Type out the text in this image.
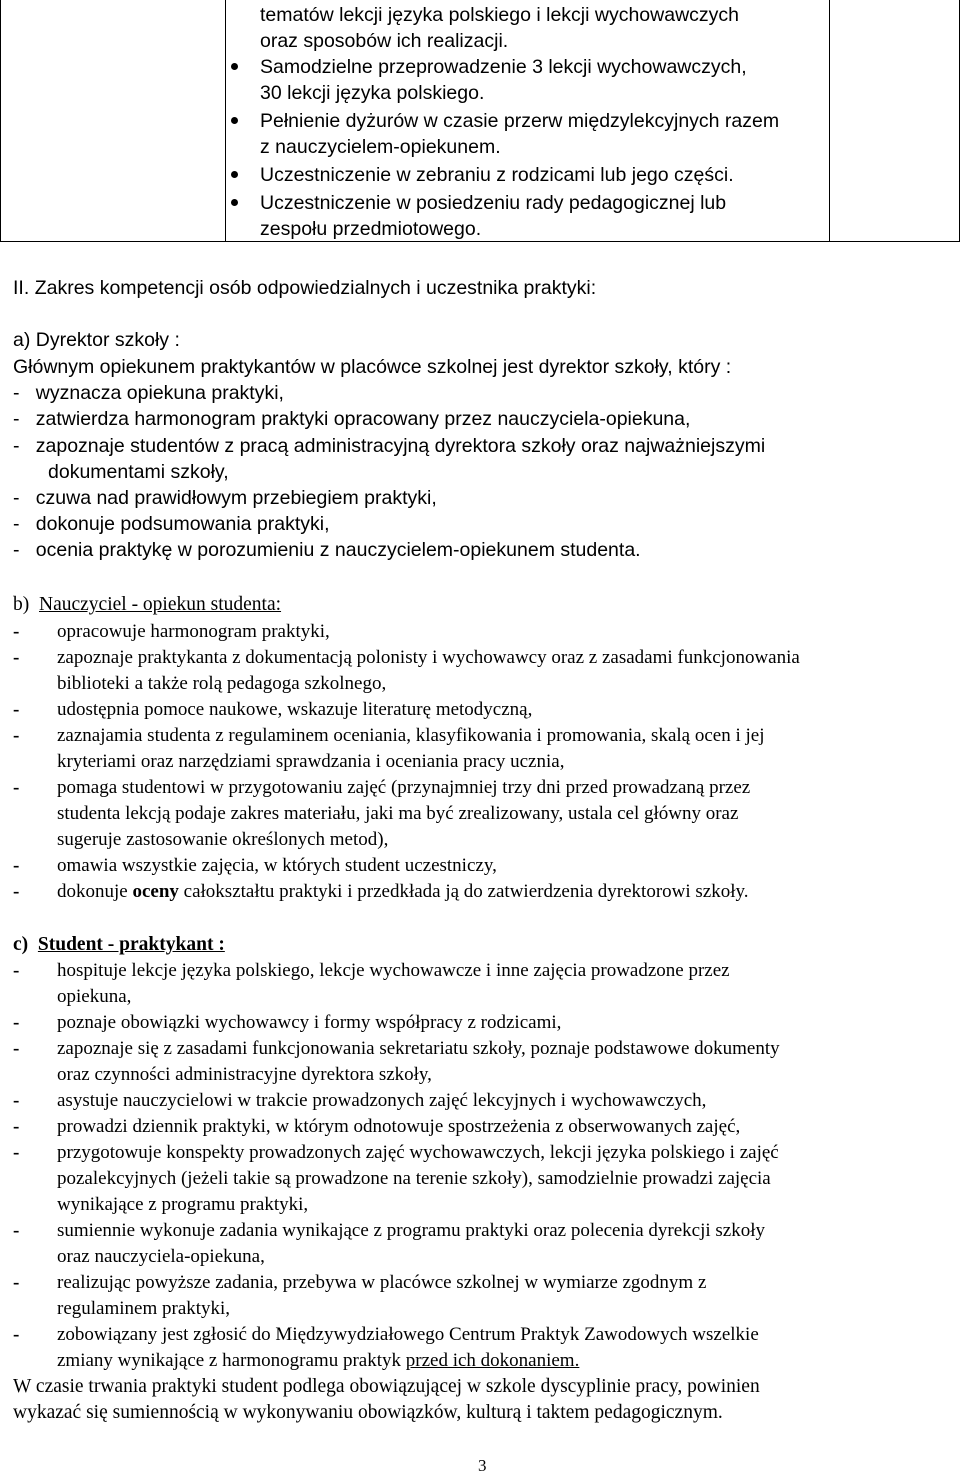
tematów lekcji języka polskiego i lekcji wychowawczych
oraz sposobów ich realizacji.
Samodzielne przeprowadzenie 3 lekcji wychowawczych,
30 lekcji języka polskiego.
Pełnienie dyżurów w czasie przerw międzylekcyjnych razem
z nauczycielem-opiekunem.
Uczestniczenie w zebraniu z rodzicami lub jego części.
Uczestniczenie w posiedzeniu rady pedagogicznej lub
zespołu przedmiotowego.
II. Zakres kompetencji osób odpowiedzialnych i uczestnika praktyki:
a) Dyrektor szkoły :
Głównym opiekunem praktykantów w placówce szkolnej jest dyrektor szkoły, który :
- wyznacza opiekuna praktyki,
- zatwierdza harmonogram praktyki opracowany przez nauczyciela-opiekuna,
- zapoznaje studentów z pracą administracyjną dyrektora szkoły oraz najważniejszymi
dokumentami szkoły,
- czuwa nad prawidłowym przebiegiem praktyki,
- dokonuje podsumowania praktyki,
- ocenia praktykę w porozumieniu z nauczycielem-opiekunem studenta.
b) Nauczyciel - opiekun studenta:
- opracowuje harmonogram praktyki,
- zapoznaje praktykanta z dokumentacją polonisty i wychowawcy oraz z zasadami funkcjonowania
biblioteki a także rolą pedagoga szkolnego,
- udostępnia pomoce naukowe, wskazuje literaturę metodyczną,
- zaznajamia studenta z regulaminem oceniania, klasyfikowania i promowania, skalą ocen i jej
kryteriami oraz narzędziami sprawdzania i oceniania pracy ucznia,
- pomaga studentowi w przygotowaniu zajęć (przynajmniej trzy dni przed prowadzaną przez
studenta lekcją podaje zakres materiału, jaki ma być zrealizowany, ustala cel główny oraz
sugeruje zastosowanie określonych metod),
- omawia wszystkie zajęcia, w których student uczestniczy,
- dokonuje oceny całokształtu praktyki i przedkłada ją do zatwierdzenia dyrektorowi szkoły.
c) Student - praktykant :
- hospituje lekcje języka polskiego, lekcje wychowawcze i inne zajęcia prowadzone przez
opiekuna,
- poznaje obowiązki wychowawcy i formy współpracy z rodzicami,
- zapoznaje się z zasadami funkcjonowania sekretariatu szkoły, poznaje podstawowe dokumenty
oraz czynności administracyjne dyrektora szkoły,
- asystuje nauczycielowi w trakcie prowadzonych zajęć lekcyjnych i wychowawczych,
- prowadzi dziennik praktyki, w którym odnotowuje spostrzeżenia z obserwowanych zajęć,
- przygotowuje konspekty prowadzonych zajęć wychowawczych, lekcji języka polskiego i zajęć
pozalekcyjnych (jeżeli takie są prowadzone na terenie szkoły), samodzielnie prowadzi zajęcia
wynikające z programu praktyki,
- sumiennie wykonuje zadania wynikające z programu praktyki oraz polecenia dyrekcji szkoły
oraz nauczyciela-opiekuna,
- realizując powyższe zadania, przebywa w placówce szkolnej w wymiarze zgodnym z
regulaminem praktyki,
- zobowiązany jest zgłosić do Międzywydziałowego Centrum Praktyk Zawodowych wszelkie
zmiany wynikające z harmonogramu praktyk przed ich dokonaniem.
W czasie trwania praktyki student podlega obowiązującej w szkole dyscyplinie pracy, powinien
wykazać się sumiennością w wykonywaniu obowiązków, kulturą i taktem pedagogicznym.
3
